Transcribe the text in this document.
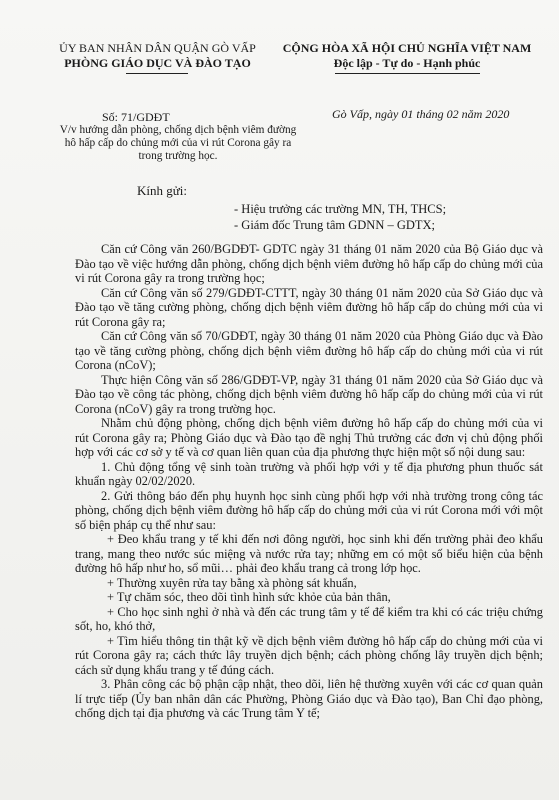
ỦY BAN NHÂN DÂN QUẬN GÒ VẤP
PHÒNG GIÁO DỤC VÀ ĐÀO TẠO
CỘNG HÒA XÃ HỘI CHỦ NGHĨA VIỆT NAM
Độc lập - Tự do - Hạnh phúc
Số: 71/GDĐT
V/v hướng dẫn phòng, chống dịch bệnh viêm đường hô hấp cấp do chủng mới của vi rút Corona gây ra trong trường học.
Gò Vấp, ngày 01 tháng 02 năm 2020
Kính gửi:
- Hiệu trưởng các trường MN, TH, THCS;
- Giám đốc Trung tâm GDNN – GDTX;

Căn cứ Công văn 260/BGDĐT- GDTC ngày 31 tháng 01 năm 2020 của Bộ Giáo dục và Đào tạo về việc hướng dẫn phòng, chống dịch bệnh viêm đường hô hấp cấp do chủng mới của vi rút Corona gây ra trong trường học;

Căn cứ Công văn số 279/GDĐT-CTTT, ngày 30 tháng 01 năm 2020 của Sở Giáo dục và Đào tạo về tăng cường phòng, chống dịch bệnh viêm đường hô hấp cấp do chủng mới của vi rút Corona gây ra;

Căn cứ Công văn số 70/GDĐT, ngày 30 tháng 01 năm 2020 của Phòng Giáo dục và Đào tạo về tăng cường phòng, chống dịch bệnh viêm đường hô hấp cấp do chủng mới của vi rút Corona (nCoV);

Thực hiện Công văn số 286/GDĐT-VP, ngày 31 tháng 01 năm 2020 của Sở Giáo dục và Đào tạo về công tác phòng, chống dịch bệnh viêm đường hô hấp cấp do chủng mới của vi rút Corona (nCoV) gây ra trong trường học.

Nhằm chủ động phòng, chống dịch bệnh viêm đường hô hấp cấp do chủng mới của vi rút Corona gây ra; Phòng Giáo dục và Đào tạo đề nghị Thủ trưởng các đơn vị chủ động phối hợp với các cơ sở y tế và cơ quan liên quan của địa phương thực hiện một số nội dung sau:

1. Chủ động tổng vệ sinh toàn trường và phối hợp với y tế địa phương phun thuốc sát khuẩn ngày 02/02/2020.

2. Gửi thông báo đến phụ huynh học sinh cùng phối hợp với nhà trường trong công tác phòng, chống dịch bệnh viêm đường hô hấp cấp do chủng mới của vi rút Corona mới với một số biện pháp cụ thể như sau:

+ Đeo khẩu trang y tế khi đến nơi đông người, học sinh khi đến trường phải đeo khẩu trang, mang theo nước súc miệng và nước rửa tay; những em có một số biểu hiện của bệnh đường hô hấp như ho, sổ mũi… phải đeo khẩu trang cả trong lớp học.

+ Thường xuyên rửa tay bằng xà phòng sát khuẩn,

+ Tự chăm sóc, theo dõi tình hình sức khỏe của bản thân,

+ Cho học sinh nghỉ ở nhà và đến các trung tâm y tế để kiểm tra khi có các triệu chứng sốt, ho, khó thở,

+ Tìm hiểu thông tin thật kỹ về dịch bệnh viêm đường hô hấp cấp do chủng mới của vi rút Corona gây ra; cách thức lây truyền dịch bệnh; cách phòng chống lây truyền dịch bệnh; cách sử dụng khẩu trang y tế đúng cách.

3. Phân công các bộ phận cập nhật, theo dõi, liên hệ thường xuyên với các cơ quan quản lí trực tiếp (Ủy ban nhân dân các Phường, Phòng Giáo dục và Đào tạo), Ban Chỉ đạo phòng, chống dịch tại địa phương và các Trung tâm Y tế;
